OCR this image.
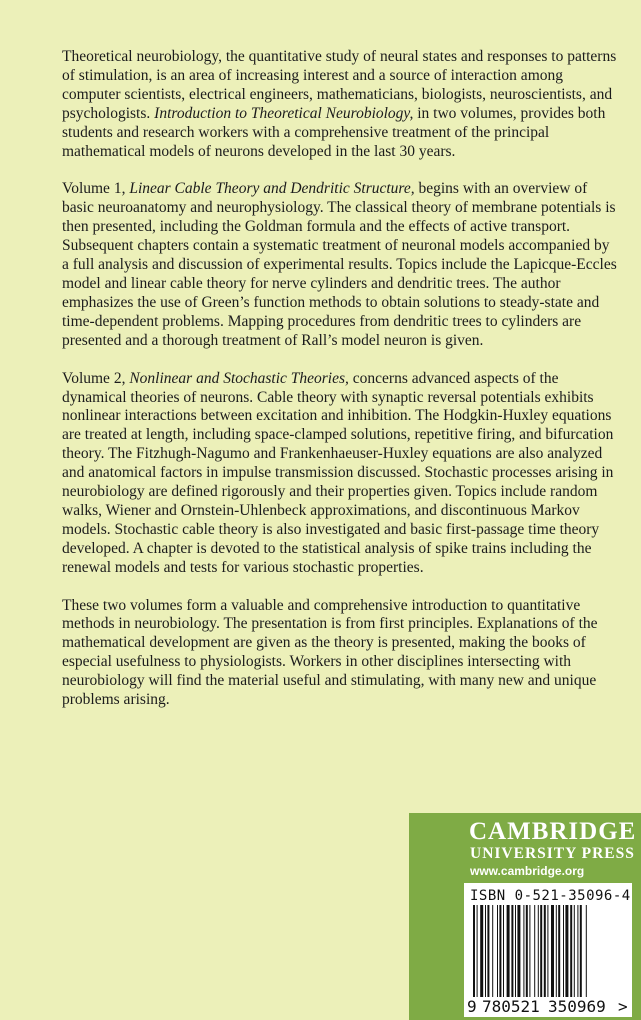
Theoretical neurobiology, the quantitative study of neural states and responses to patterns of stimulation, is an area of increasing interest and a source of interaction among computer scientists, electrical engineers, mathematicians, biologists, neuroscientists, and psychologists. Introduction to Theoretical Neurobiology, in two volumes, provides both students and research workers with a comprehensive treatment of the principal mathematical models of neurons developed in the last 30 years.

Volume 1, Linear Cable Theory and Dendritic Structure, begins with an overview of basic neuroanatomy and neurophysiology. The classical theory of membrane potentials is then presented, including the Goldman formula and the effects of active transport. Subsequent chapters contain a systematic treatment of neuronal models accompanied by a full analysis and discussion of experimental results. Topics include the Lapicque-Eccles model and linear cable theory for nerve cylinders and dendritic trees. The author emphasizes the use of Green’s function methods to obtain solutions to steady-state and time-dependent problems. Mapping procedures from dendritic trees to cylinders are presented and a thorough treatment of Rall’s model neuron is given.

Volume 2, Nonlinear and Stochastic Theories, concerns advanced aspects of the dynamical theories of neurons. Cable theory with synaptic reversal potentials exhibits nonlinear interactions between excitation and inhibition. The Hodgkin-Huxley equations are treated at length, including space-clamped solutions, repetitive firing, and bifurcation theory. The Fitzhugh-Nagumo and Frankenhaeuser-Huxley equations are also analyzed and anatomical factors in impulse transmission discussed. Stochastic processes arising in neurobiology are defined rigorously and their properties given. Topics include random walks, Wiener and Ornstein-Uhlenbeck approximations, and discontinuous Markov models. Stochastic cable theory is also investigated and basic first-passage time theory developed. A chapter is devoted to the statistical analysis of spike trains including the renewal models and tests for various stochastic properties.

These two volumes form a valuable and comprehensive introduction to quantitative methods in neurobiology. The presentation is from first principles. Explanations of the mathematical development are given as the theory is presented, making the books of especial usefulness to physiologists. Workers in other disciplines intersecting with neurobiology will find the material useful and stimulating, with many new and unique problems arising.

CAMBRIDGE
UNIVERSITY PRESS
www.cambridge.org
ISBN 0-521-35096-4
9 780521 350969 >
